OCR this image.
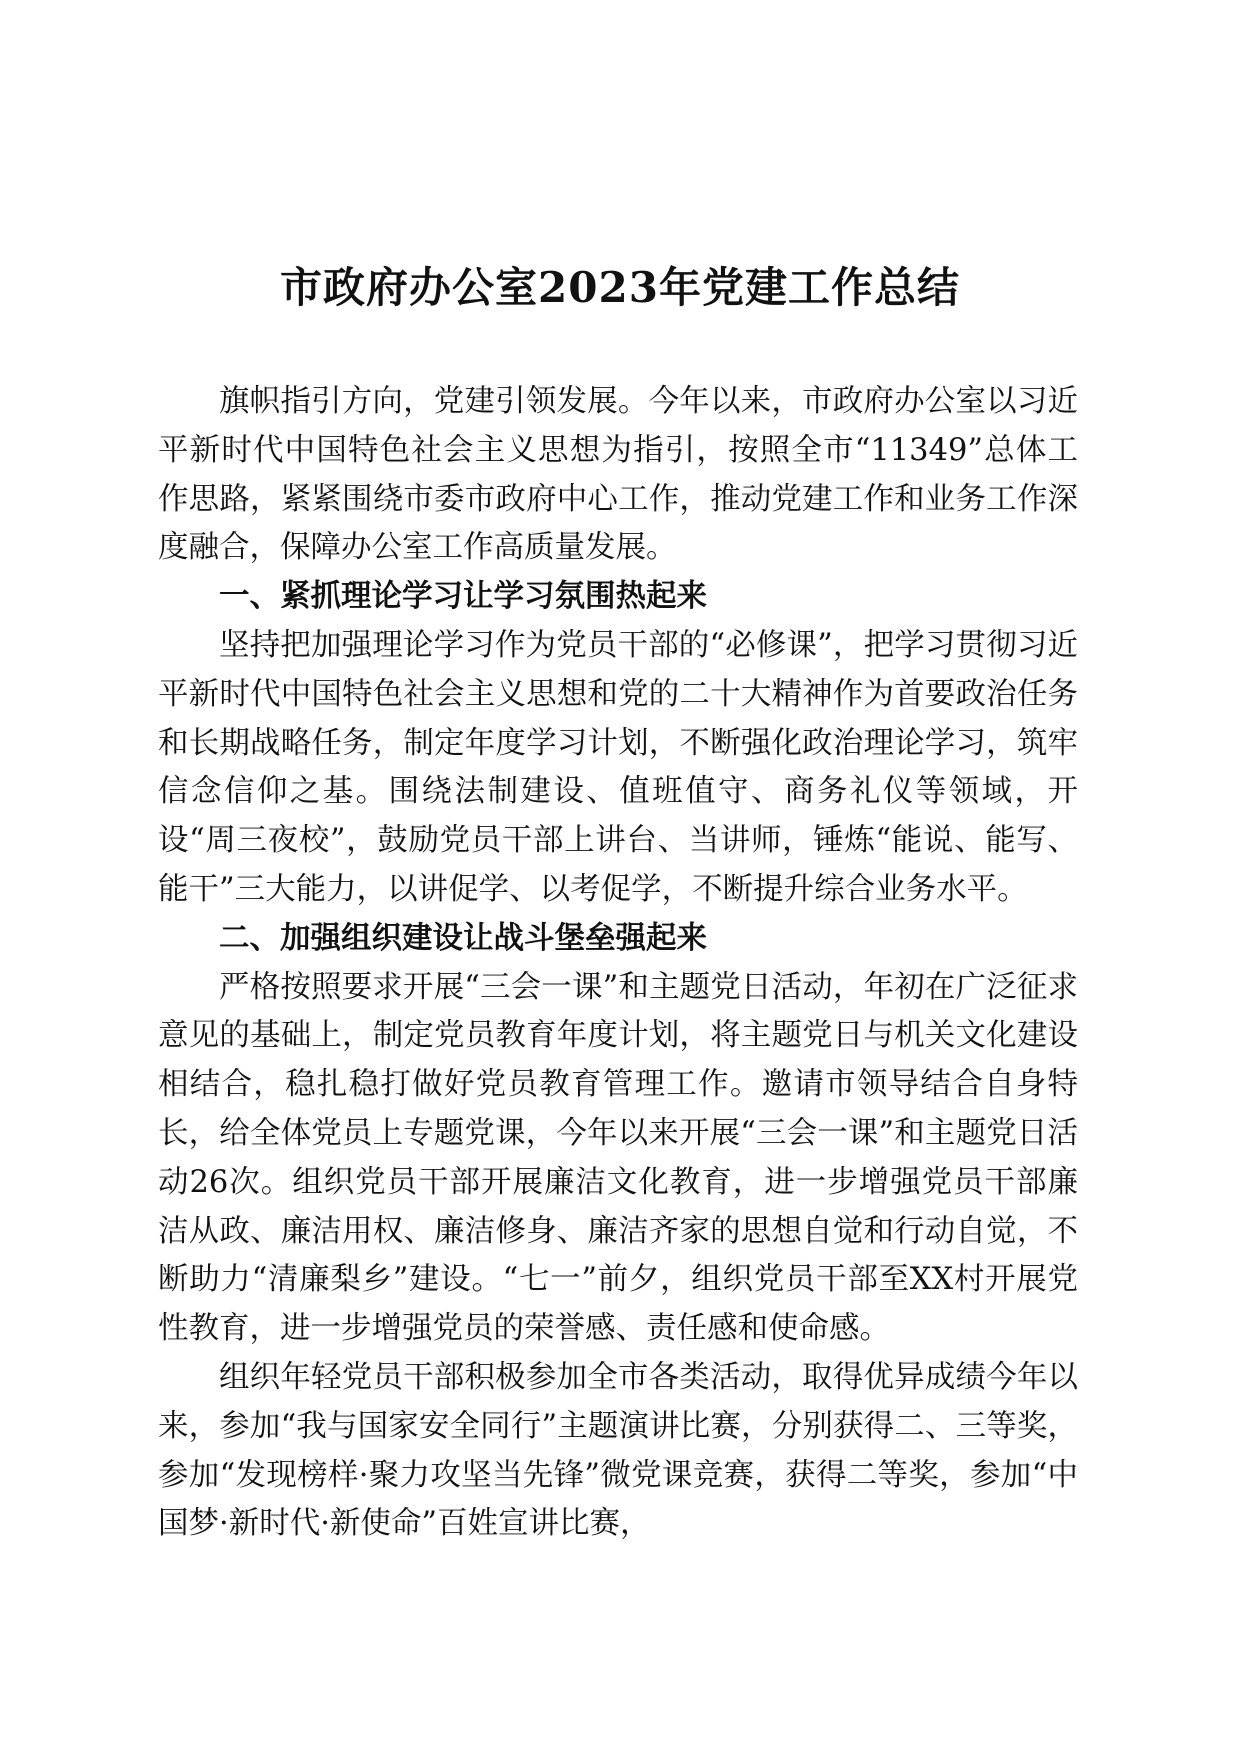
市政府办公室2023年党建工作总结

旗帜指引方向，党建引领发展。今年以来，市政府办公室以习近平新时代中国特色社会主义思想为指引，按照全市“11349”总体工作思路，紧紧围绕市委市政府中心工作，推动党建工作和业务工作深度融合，保障办公室工作高质量发展。

一、紧抓理论学习让学习氛围热起来

坚持把加强理论学习作为党员干部的“必修课”，把学习贯彻习近平新时代中国特色社会主义思想和党的二十大精神作为首要政治任务和长期战略任务，制定年度学习计划，不断强化政治理论学习，筑牢信念信仰之基。围绕法制建设、值班值守、商务礼仪等领域，开设“周三夜校”，鼓励党员干部上讲台、当讲师，锤炼“能说、能写、能干”三大能力，以讲促学、以考促学，不断提升综合业务水平。

二、加强组织建设让战斗堡垒强起来

严格按照要求开展“三会一课”和主题党日活动，年初在广泛征求意见的基础上，制定党员教育年度计划，将主题党日与机关文化建设相结合，稳扎稳打做好党员教育管理工作。邀请市领导结合自身特长，给全体党员上专题党课，今年以来开展“三会一课”和主题党日活动26次。组织党员干部开展廉洁文化教育，进一步增强党员干部廉洁从政、廉洁用权、廉洁修身、廉洁齐家的思想自觉和行动自觉，不断助力“清廉梨乡”建设。“七一”前夕，组织党员干部至XX村开展党性教育，进一步增强党员的荣誉感、责任感和使命感。

组织年轻党员干部积极参加全市各类活动，取得优异成绩今年以来，参加“我与国家安全同行”主题演讲比赛，分别获得二、三等奖，参加“发现榜样·聚力攻坚当先锋”微党课竞赛，获得二等奖，参加“中国梦·新时代·新使命”百姓宣讲比赛，
